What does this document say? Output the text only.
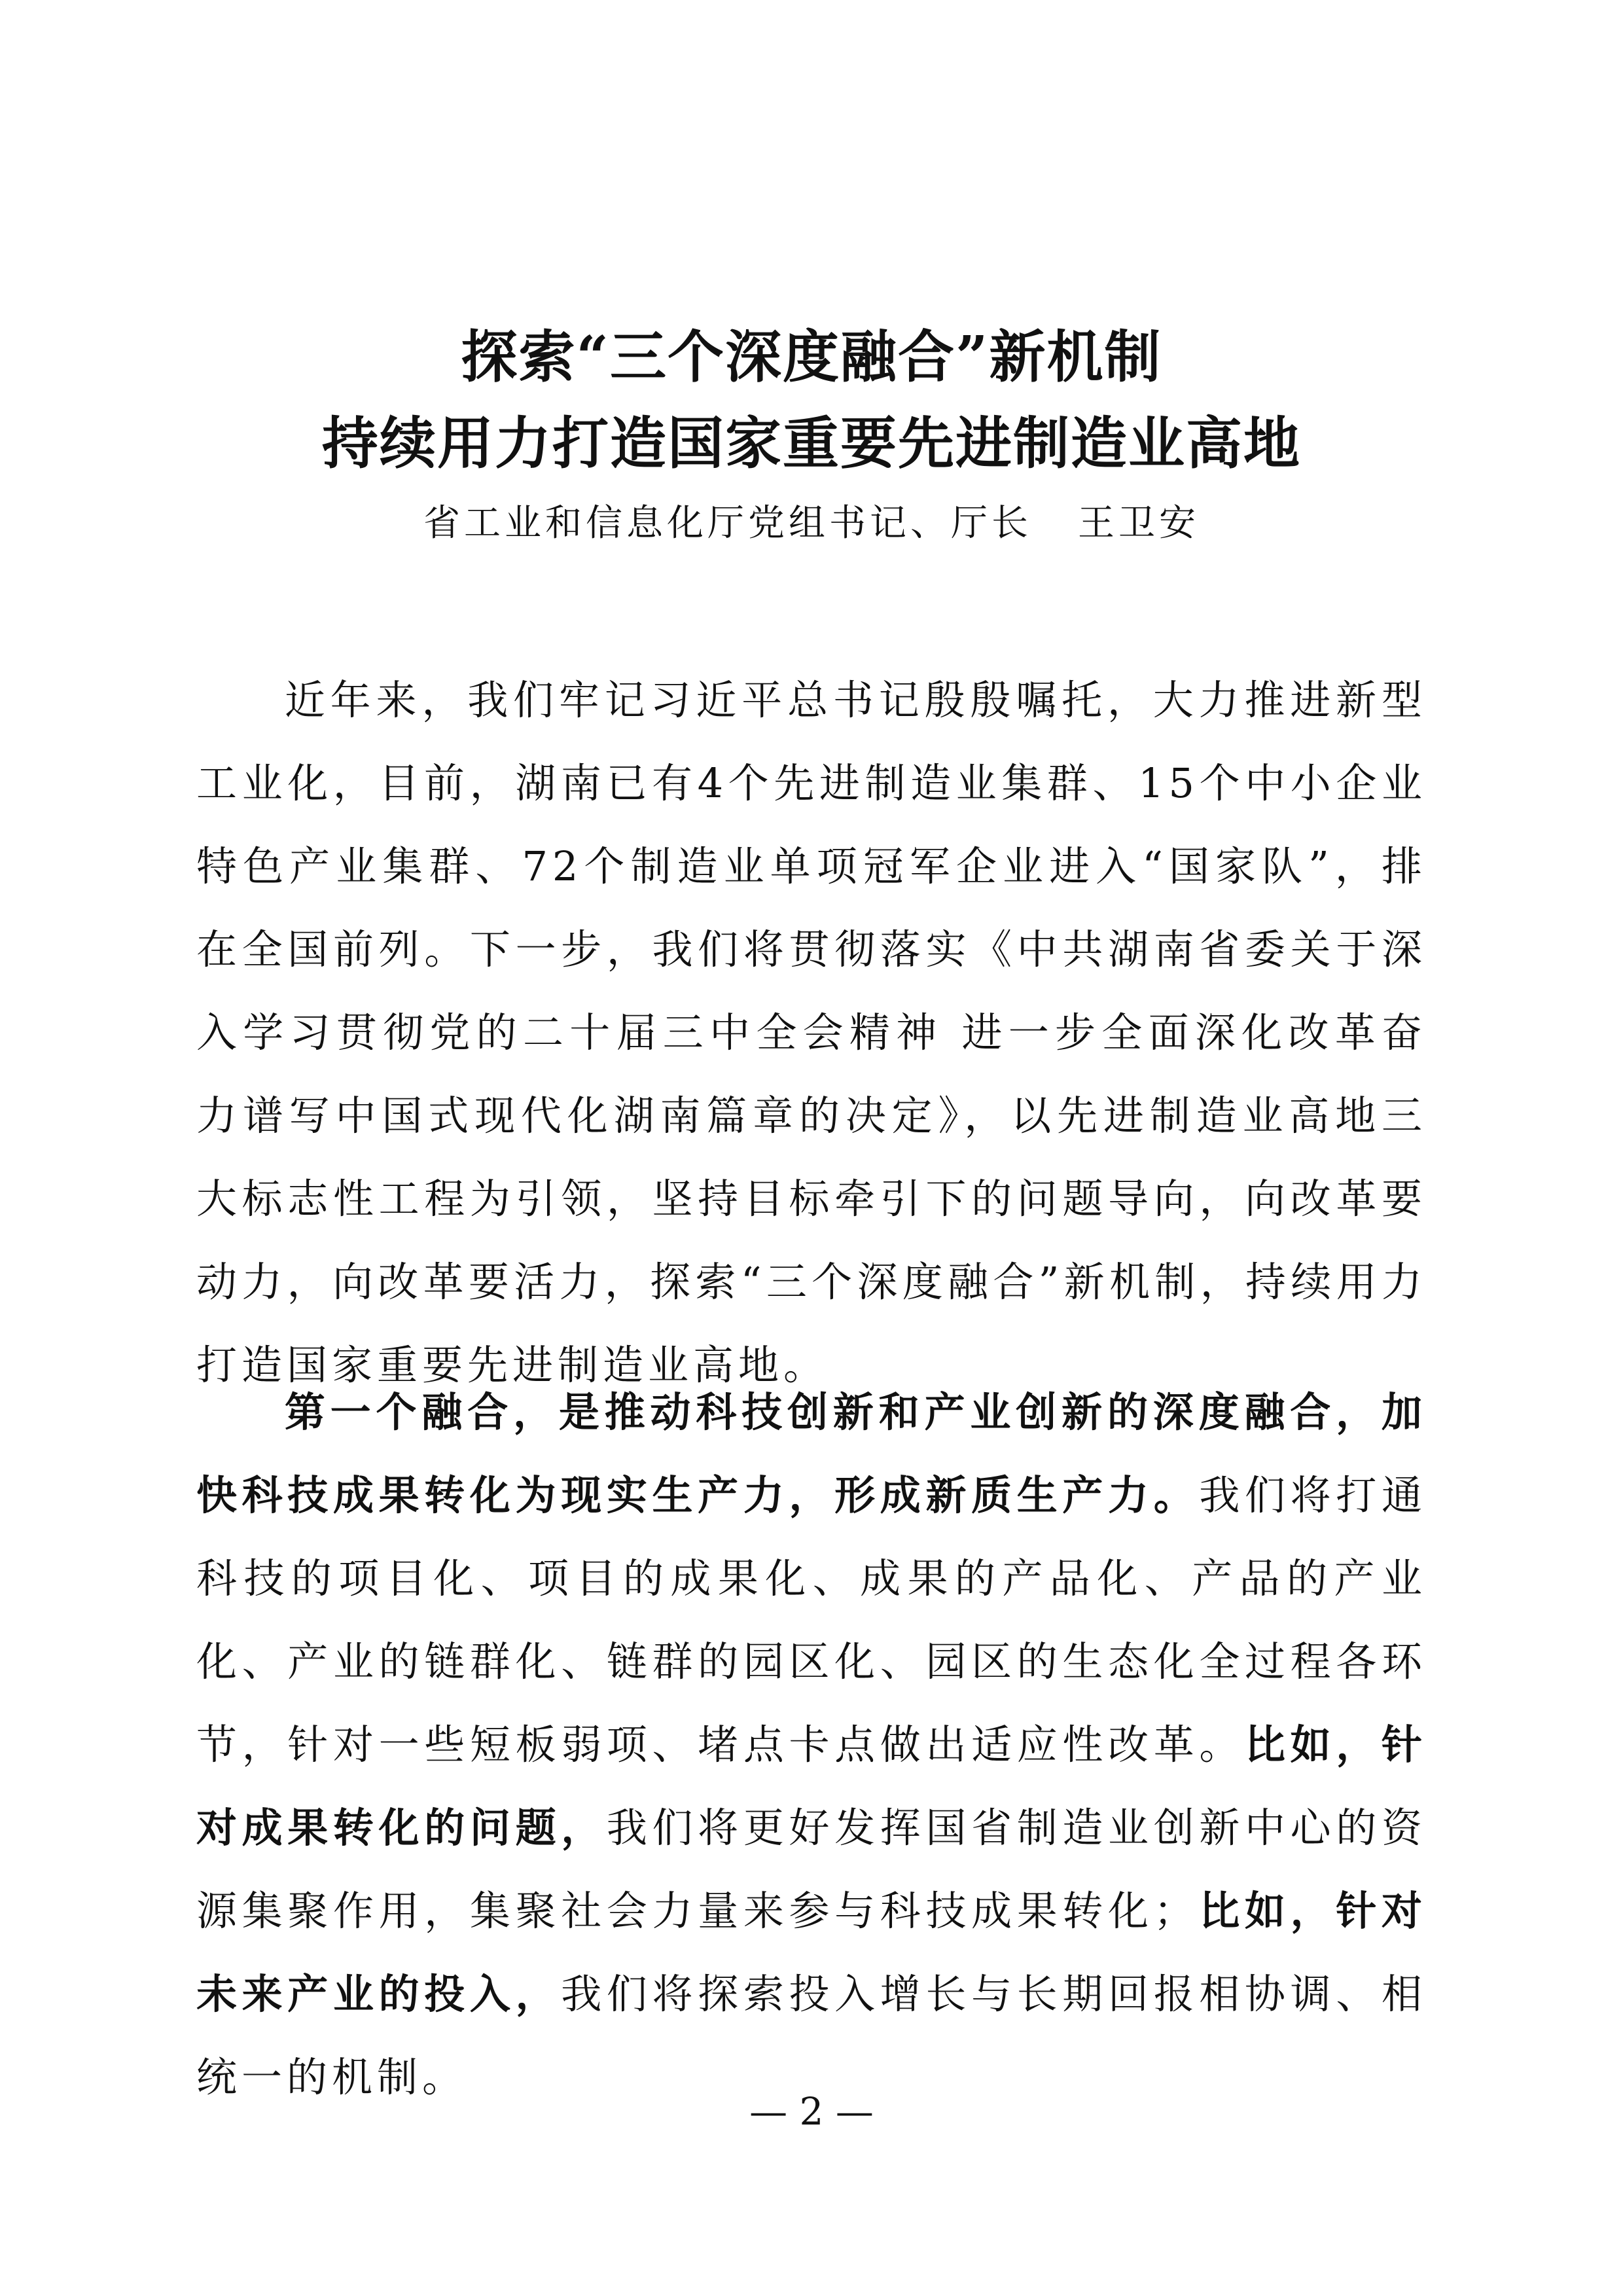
探索“三个深度融合”新机制
持续用力打造国家重要先进制造业高地
省工业和信息化厅党组书记、厅长 王卫安

近年来，我们牢记习近平总书记殷殷嘱托，大力推进新型工业化，目前，湖南已有4个先进制造业集群、15个中小企业特色产业集群、72个制造业单项冠军企业进入“国家队”，排在全国前列。下一步，我们将贯彻落实《中共湖南省委关于深入学习贯彻党的二十届三中全会精神 进一步全面深化改革奋力谱写中国式现代化湖南篇章的决定》，以先进制造业高地三大标志性工程为引领，坚持目标牵引下的问题导向，向改革要动力，向改革要活力，探索“三个深度融合”新机制，持续用力打造国家重要先进制造业高地。

第一个融合，是推动科技创新和产业创新的深度融合，加快科技成果转化为现实生产力，形成新质生产力。我们将打通科技的项目化、项目的成果化、成果的产品化、产品的产业化、产业的链群化、链群的园区化、园区的生态化全过程各环节，针对一些短板弱项、堵点卡点做出适应性改革。比如，针对成果转化的问题，我们将更好发挥国省制造业创新中心的资源集聚作用，集聚社会力量来参与科技成果转化；比如，针对未来产业的投入，我们将探索投入增长与长期回报相协调、相统一的机制。

— 2 —
